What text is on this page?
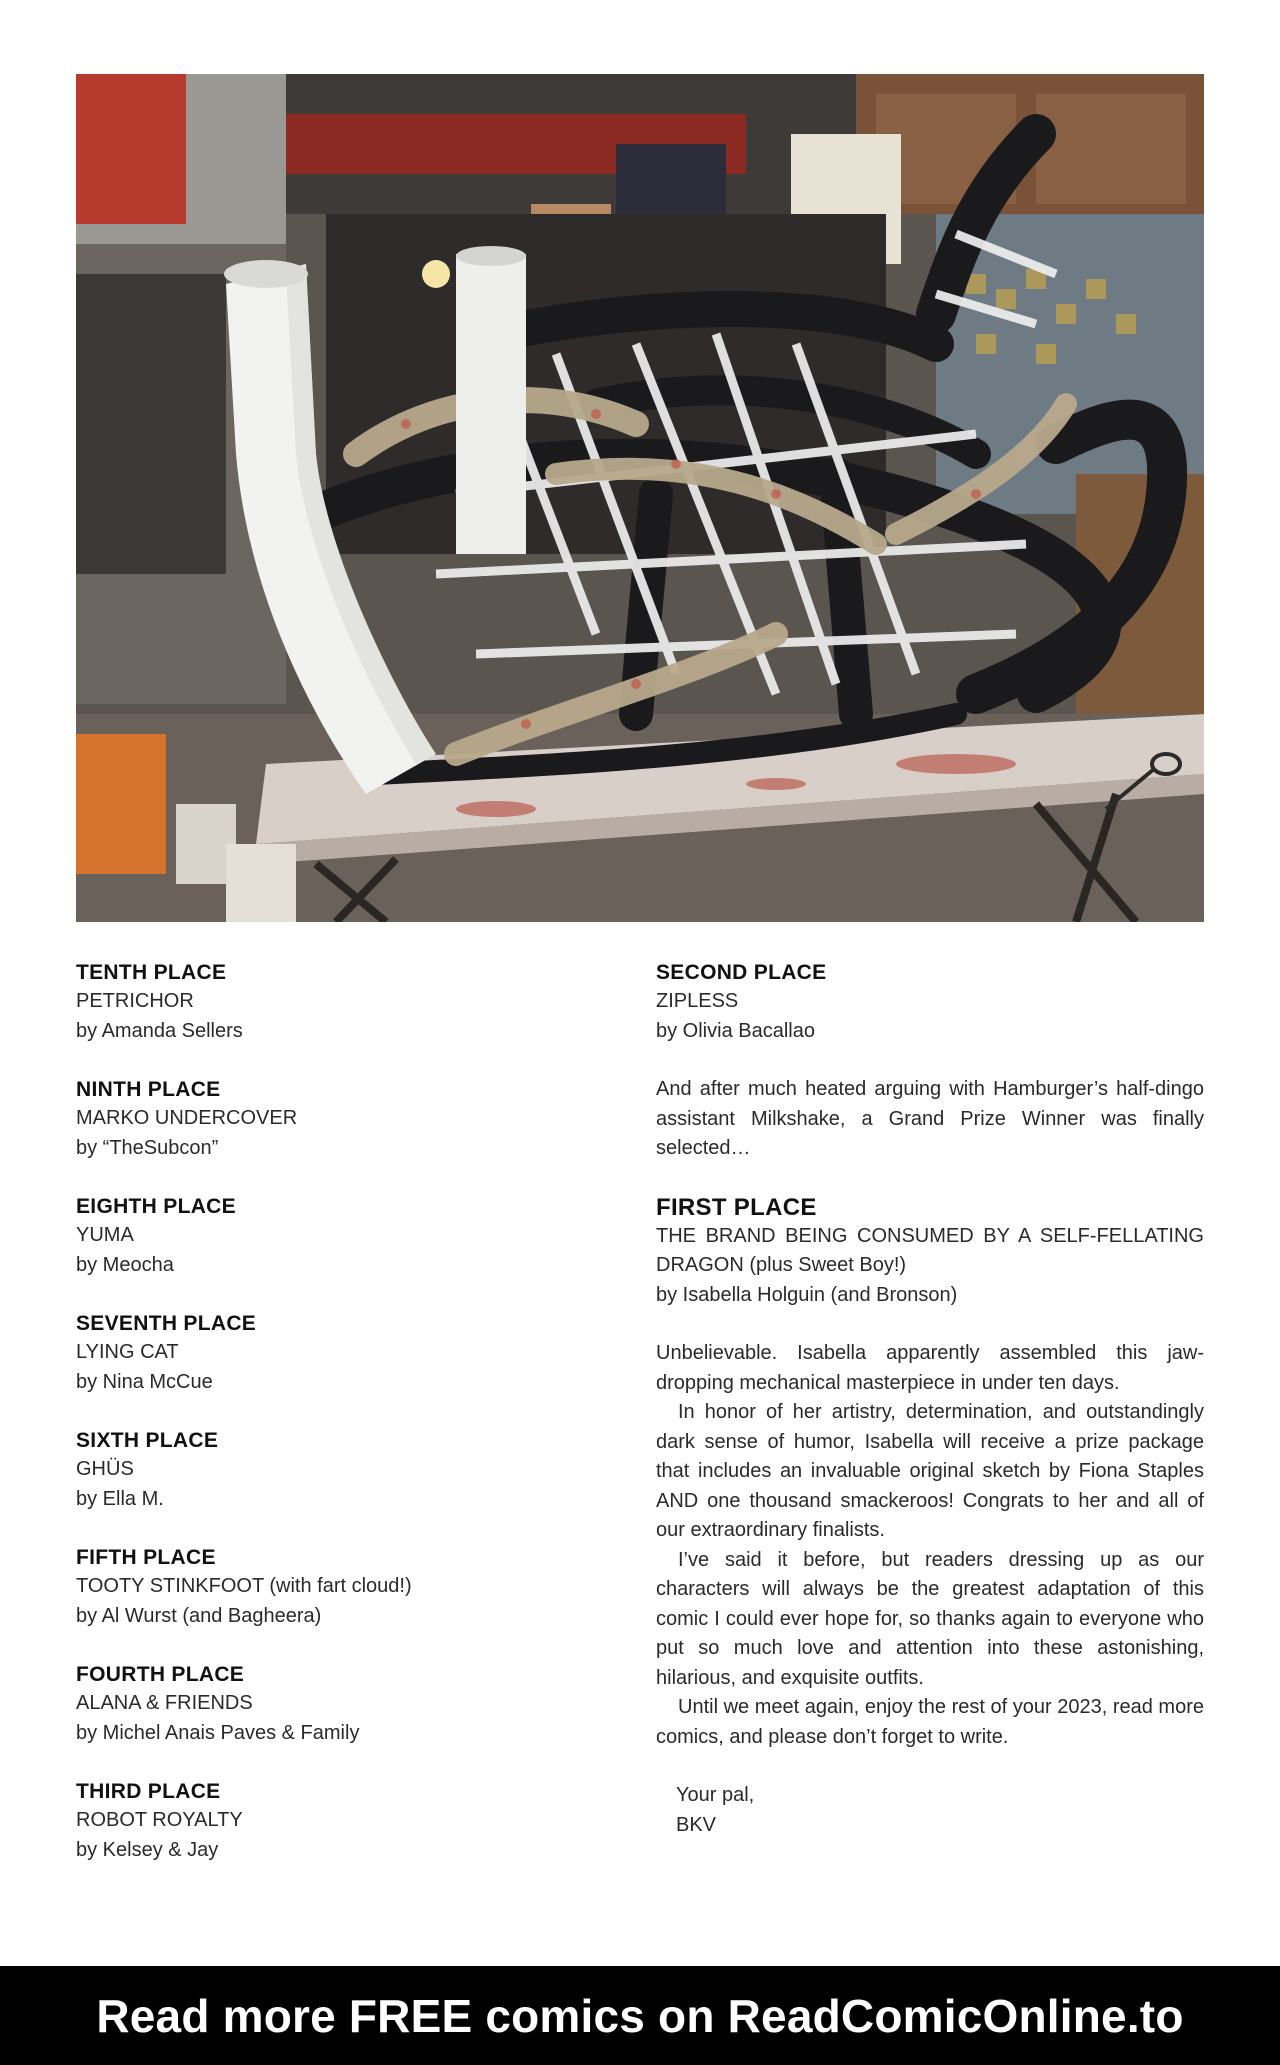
TENTH PLACE
PETRICHOR
by Amanda Sellers
NINTH PLACE
MARKO UNDERCOVER
by “TheSubcon”
EIGHTH PLACE
YUMA
by Meocha
SEVENTH PLACE
LYING CAT
by Nina McCue
SIXTH PLACE
GHÜS
by Ella M.
FIFTH PLACE
TOOTY STINKFOOT (with fart cloud!)
by Al Wurst (and Bagheera)
FOURTH PLACE
ALANA & FRIENDS
by Michel Anais Paves & Family
THIRD PLACE
ROBOT ROYALTY
by Kelsey & Jay
SECOND PLACE
ZIPLESS
by Olivia Bacallao

And after much heated arguing with Hamburger’s half-dingo assistant Milkshake, a Grand Prize Winner was finally selected…

FIRST PLACE
THE BRAND BEING CONSUMED BY A SELF-FELLATING DRAGON (plus Sweet Boy!)
by Isabella Holguin (and Bronson)

Unbelievable. Isabella apparently assembled this jaw-dropping mechanical masterpiece in under ten days.

In honor of her artistry, determination, and outstandingly dark sense of humor, Isabella will receive a prize package that includes an invaluable original sketch by Fiona Staples AND one thousand smackeroos! Congrats to her and all of our extraordinary finalists.

I’ve said it before, but readers dressing up as our characters will always be the greatest adaptation of this comic I could ever hope for, so thanks again to everyone who put so much love and attention into these astonishing, hilarious, and exquisite outfits.

Until we meet again, enjoy the rest of your 2023, read more comics, and please don’t forget to write.

Your pal,
BKV
Read more FREE comics on ReadComicOnline.to
